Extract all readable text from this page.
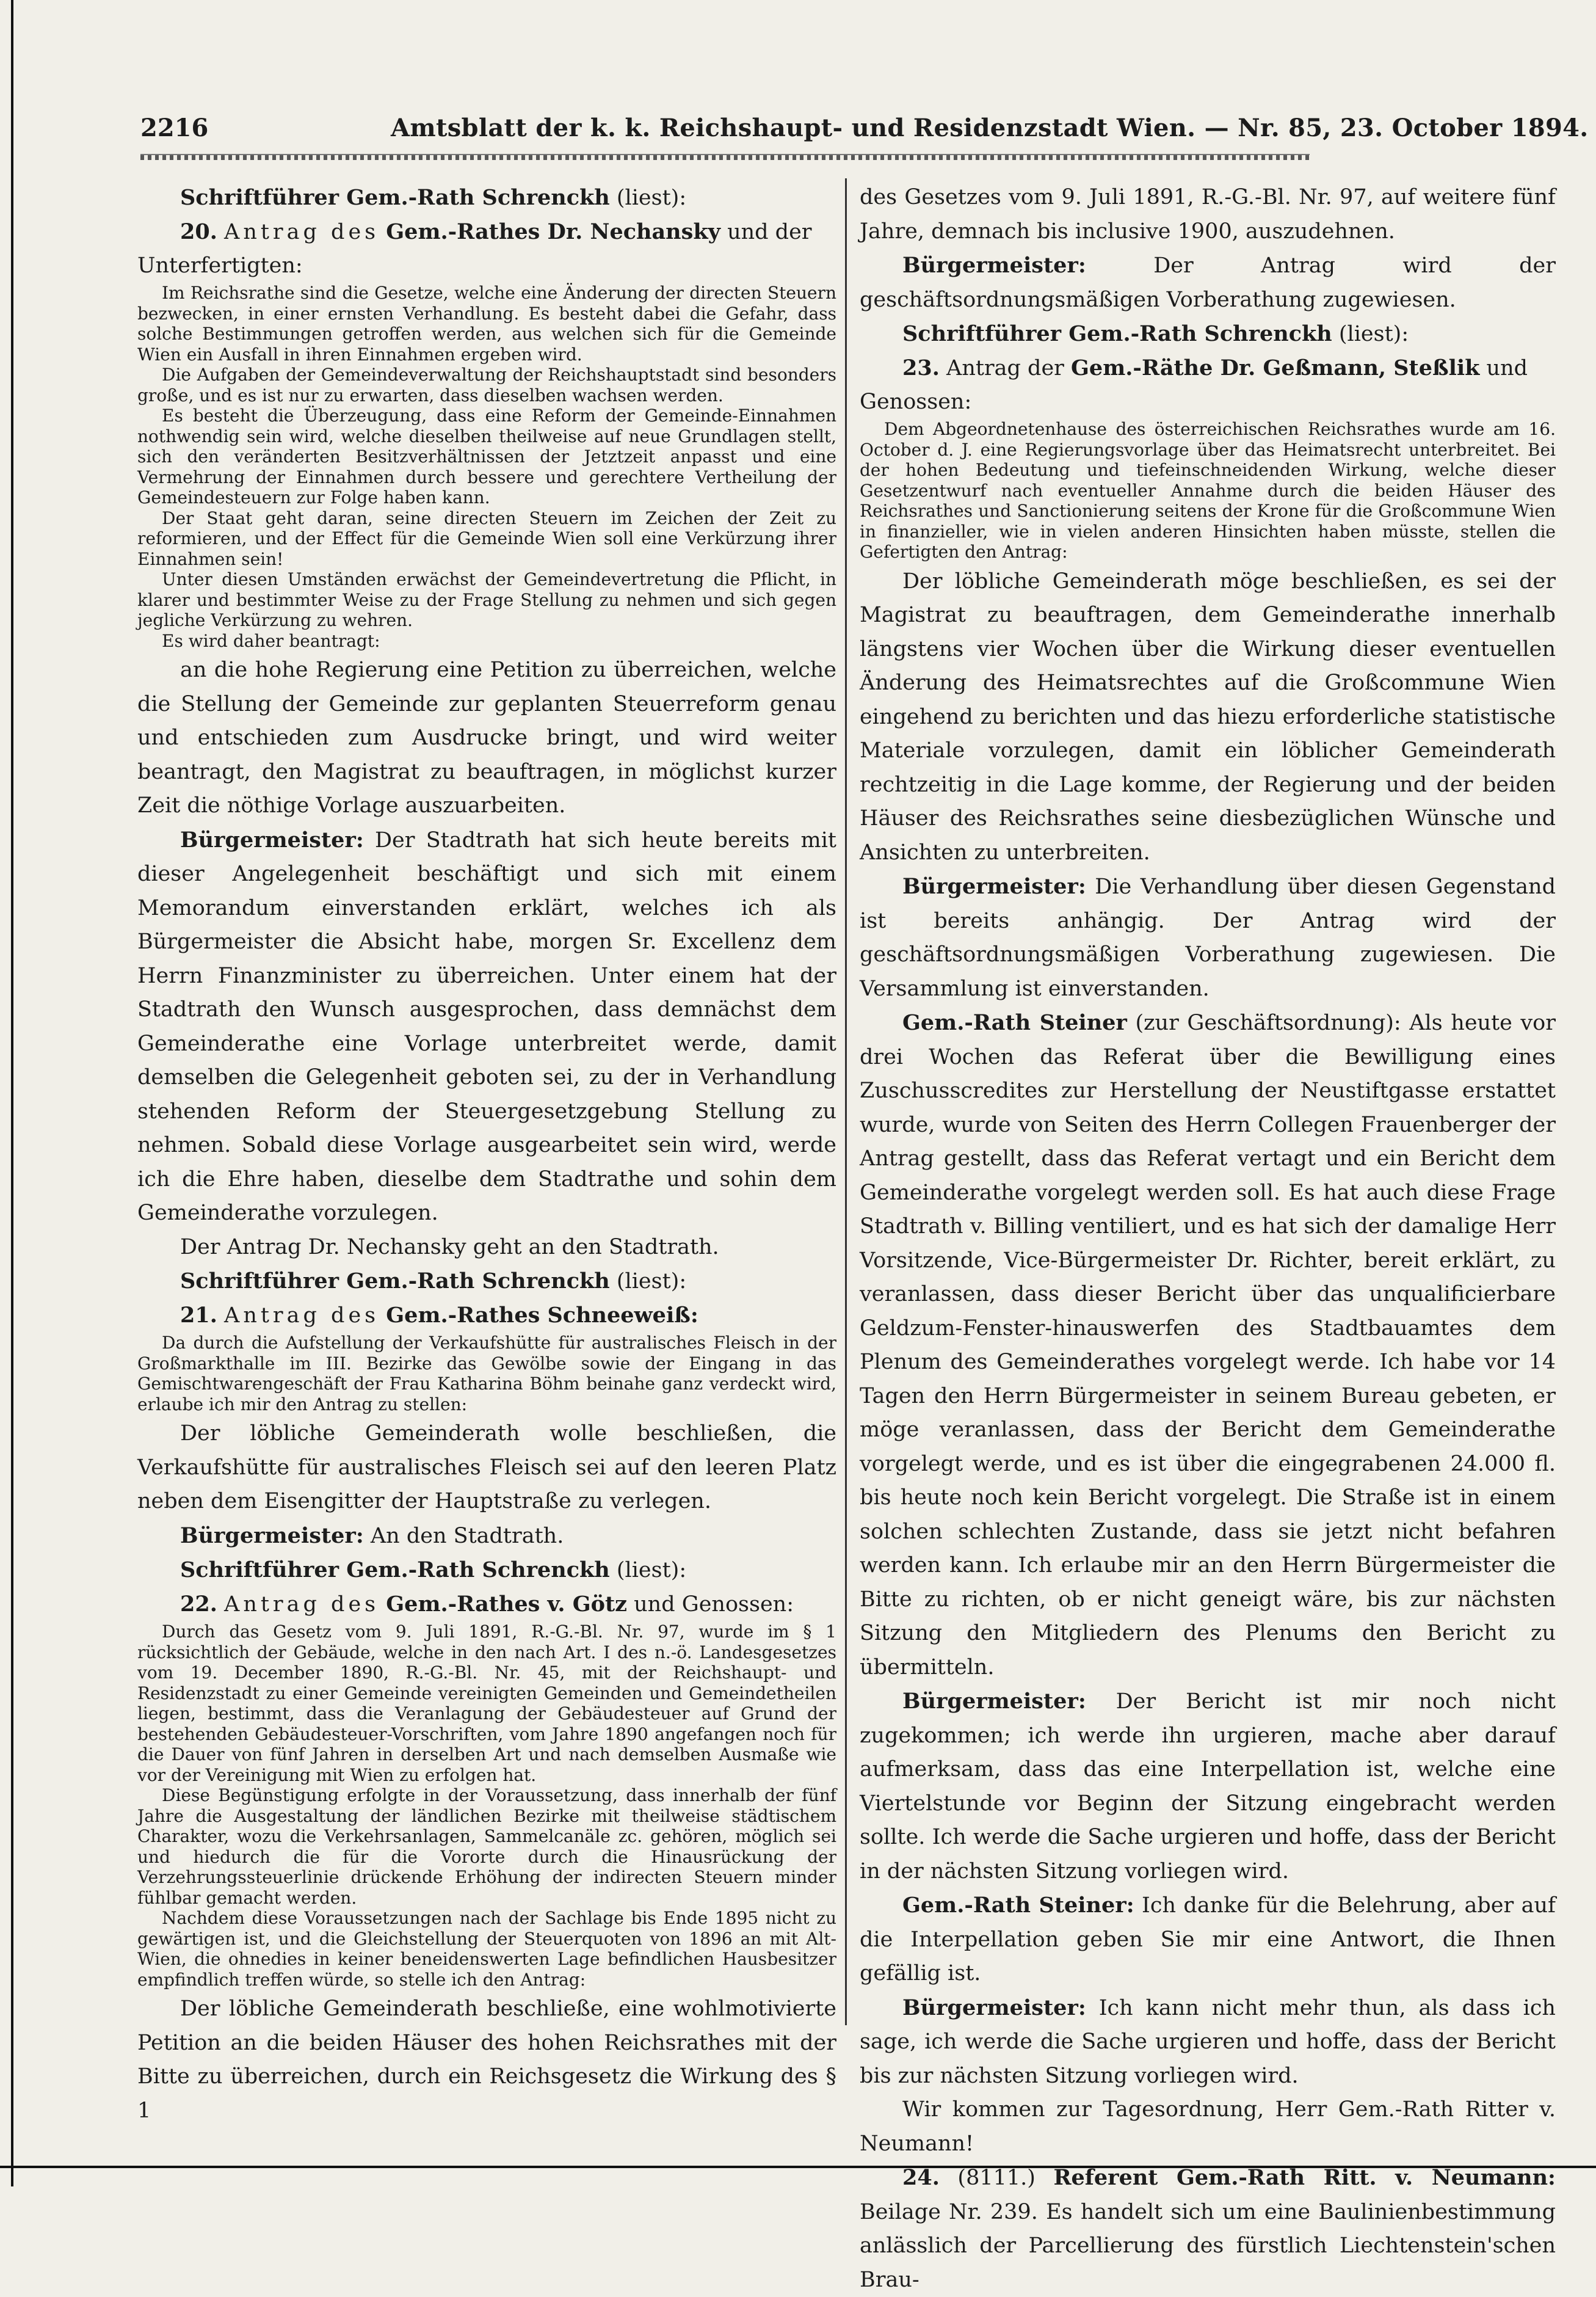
2216	Amtsblatt der k. k. Reichshaupt- und Residenzstadt Wien. — Nr. 85, 23. October 1894.

Schriftführer Gem.-Rath Schrenckh (liest):

20. Antrag des Gem.-Rathes Dr. Nechansky und der Unterfertigten:

Im Reichsrathe sind die Gesetze, welche eine Änderung der directen Steuern bezwecken, in einer ernsten Verhandlung. Es besteht dabei die Gefahr, dass solche Bestimmungen getroffen werden, aus welchen sich für die Gemeinde Wien ein Ausfall in ihren Einnahmen ergeben wird.

Die Aufgaben der Gemeindeverwaltung der Reichshauptstadt sind besonders große, und es ist nur zu erwarten, dass dieselben wachsen werden.

Es besteht die Überzeugung, dass eine Reform der Gemeinde-Einnahmen nothwendig sein wird, welche dieselben theilweise auf neue Grundlagen stellt, sich den veränderten Besitzverhältnissen der Jetztzeit anpasst und eine Vermehrung der Einnahmen durch bessere und gerechtere Vertheilung der Gemeindesteuern zur Folge haben kann.

Der Staat geht daran, seine directen Steuern im Zeichen der Zeit zu reformieren, und der Effect für die Gemeinde Wien soll eine Verkürzung ihrer Einnahmen sein!

Unter diesen Umständen erwächst der Gemeindevertretung die Pflicht, in klarer und bestimmter Weise zu der Frage Stellung zu nehmen und sich gegen jegliche Verkürzung zu wehren.

Es wird daher beantragt:

an die hohe Regierung eine Petition zu überreichen, welche die Stellung der Gemeinde zur geplanten Steuerreform genau und entschieden zum Ausdrucke bringt, und wird weiter beantragt, den Magistrat zu beauftragen, in möglichst kurzer Zeit die nöthige Vorlage auszuarbeiten.

Bürgermeister: Der Stadtrath hat sich heute bereits mit dieser Angelegenheit beschäftigt und sich mit einem Memorandum einverstanden erklärt, welches ich als Bürgermeister die Absicht habe, morgen Sr. Excellenz dem Herrn Finanzminister zu überreichen. Unter einem hat der Stadtrath den Wunsch ausgesprochen, dass demnächst dem Gemeinderathe eine Vorlage unterbreitet werde, damit demselben die Gelegenheit geboten sei, zu der in Verhandlung stehenden Reform der Steuergesetzgebung Stellung zu nehmen. Sobald diese Vorlage ausgearbeitet sein wird, werde ich die Ehre haben, dieselbe dem Stadtrathe und sohin dem Gemeinderathe vorzulegen.

Der Antrag Dr. Nechansky geht an den Stadtrath.

Schriftführer Gem.-Rath Schrenckh (liest):

21. Antrag des Gem.-Rathes Schneeweiß:

Da durch die Aufstellung der Verkaufshütte für australisches Fleisch in der Großmarkthalle im III. Bezirke das Gewölbe sowie der Eingang in das Gemischtwarengeschäft der Frau Katharina Böhm beinahe ganz verdeckt wird, erlaube ich mir den Antrag zu stellen:

Der löbliche Gemeinderath wolle beschließen, die Verkaufshütte für australisches Fleisch sei auf den leeren Platz neben dem Eisengitter der Hauptstraße zu verlegen.

Bürgermeister: An den Stadtrath.

Schriftführer Gem.-Rath Schrenckh (liest):

22. Antrag des Gem.-Rathes v. Götz und Genossen:

Durch das Gesetz vom 9. Juli 1891, R.-G.-Bl. Nr. 97, wurde im § 1 rücksichtlich der Gebäude, welche in den nach Art. I des n.-ö. Landesgesetzes vom 19. December 1890, R.-G.-Bl. Nr. 45, mit der Reichshaupt- und Residenzstadt zu einer Gemeinde vereinigten Gemeinden und Gemeindetheilen liegen, bestimmt, dass die Veranlagung der Gebäudesteuer auf Grund der bestehenden Gebäudesteuer-Vorschriften, vom Jahre 1890 angefangen noch für die Dauer von fünf Jahren in derselben Art und nach demselben Ausmaße wie vor der Vereinigung mit Wien zu erfolgen hat.

Diese Begünstigung erfolgte in der Voraussetzung, dass innerhalb der fünf Jahre die Ausgestaltung der ländlichen Bezirke mit theilweise städtischem Charakter, wozu die Verkehrsanlagen, Sammelcanäle zc. gehören, möglich sei und hiedurch die für die Vororte durch die Hinausrückung der Verzehrungssteuerlinie drückende Erhöhung der indirecten Steuern minder fühlbar gemacht werden.

Nachdem diese Voraussetzungen nach der Sachlage bis Ende 1895 nicht zu gewärtigen ist, und die Gleichstellung der Steuerquoten von 1896 an mit Alt-Wien, die ohnedies in keiner beneidenswerten Lage befindlichen Hausbesitzer empfindlich treffen würde, so stelle ich den Antrag:

Der löbliche Gemeinderath beschließe, eine wohlmotivierte Petition an die beiden Häuser des hohen Reichsrathes mit der Bitte zu überreichen, durch ein Reichsgesetz die Wirkung des § 1

des Gesetzes vom 9. Juli 1891, R.-G.-Bl. Nr. 97, auf weitere fünf Jahre, demnach bis inclusive 1900, auszudehnen.

Bürgermeister:	Der Antrag wird der geschäftsordnungsmäßigen Vorberathung zugewiesen.

Schriftführer Gem.-Rath Schrenckh (liest):

23. Antrag der Gem.-Räthe Dr. Geßmann, Steßlik und Genossen:

Dem Abgeordnetenhause des österreichischen Reichsrathes wurde am 16. October d. J. eine Regierungsvorlage über das Heimatsrecht unterbreitet. Bei der hohen Bedeutung und tiefeinschneidenden Wirkung, welche dieser Gesetzentwurf nach eventueller Annahme durch die beiden Häuser des Reichsrathes und Sanctionierung seitens der Krone für die Großcommune Wien in finanzieller, wie in vielen anderen Hinsichten haben müsste, stellen die Gefertigten den Antrag:

Der löbliche Gemeinderath möge beschließen, es sei der Magistrat zu beauftragen, dem Gemeinderathe innerhalb längstens vier Wochen über die Wirkung dieser eventuellen Änderung des Heimatsrechtes auf die Großcommune Wien eingehend zu berichten und das hiezu erforderliche statistische Materiale vorzulegen, damit ein löblicher Gemeinderath rechtzeitig in die Lage komme, der Regierung und der beiden Häuser des Reichsrathes seine diesbezüglichen Wünsche und Ansichten zu unterbreiten.

Bürgermeister: Die Verhandlung über diesen Gegenstand ist bereits anhängig. Der Antrag wird der geschäftsordnungsmäßigen Vorberathung zugewiesen. Die Versammlung ist einverstanden.

Gem.-Rath Steiner (zur Geschäftsordnung): Als heute vor drei Wochen das Referat über die Bewilligung eines Zuschusscredites zur Herstellung der Neustiftgasse erstattet wurde, wurde von Seiten des Herrn Collegen Frauenberger der Antrag gestellt, dass das Referat vertagt und ein Bericht dem Gemeinderathe vorgelegt werden soll. Es hat auch diese Frage Stadtrath v. Billing ventiliert, und es hat sich der damalige Herr Vorsitzende, Vice-Bürgermeister Dr. Richter, bereit erklärt, zu veranlassen, dass dieser Bericht über das unqualificierbare Geldzum-Fenster-hinauswerfen des Stadtbauamtes dem Plenum des Gemeinderathes vorgelegt werde. Ich habe vor 14 Tagen den Herrn Bürgermeister in seinem Bureau gebeten, er möge veranlassen, dass der Bericht dem Gemeinderathe vorgelegt werde, und es ist über die eingegrabenen 24.000 fl. bis heute noch kein Bericht vorgelegt. Die Straße ist in einem solchen schlechten Zustande, dass sie jetzt nicht befahren werden kann. Ich erlaube mir an den Herrn Bürgermeister die Bitte zu richten, ob er nicht geneigt wäre, bis zur nächsten Sitzung den Mitgliedern des Plenums den Bericht zu übermitteln.

Bürgermeister: Der Bericht ist mir noch nicht zugekommen; ich werde ihn urgieren, mache aber darauf aufmerksam, dass das eine Interpellation ist, welche eine Viertelstunde vor Beginn der Sitzung eingebracht werden sollte. Ich werde die Sache urgieren und hoffe, dass der Bericht in der nächsten Sitzung vorliegen wird.

Gem.-Rath Steiner: Ich danke für die Belehrung, aber auf die Interpellation geben Sie mir eine Antwort, die Ihnen gefällig ist.

Bürgermeister: Ich kann nicht mehr thun, als dass ich sage, ich werde die Sache urgieren und hoffe, dass der Bericht bis zur nächsten Sitzung vorliegen wird.

Wir kommen zur Tagesordnung, Herr Gem.-Rath Ritter v. Neumann!

24. (8111.) Referent Gem.-Rath Ritt. v. Neumann: Beilage Nr. 239. Es handelt sich um eine Baulinienbestimmung anlässlich der Parcellierung des fürstlich Liechtenstein'schen Brau-
